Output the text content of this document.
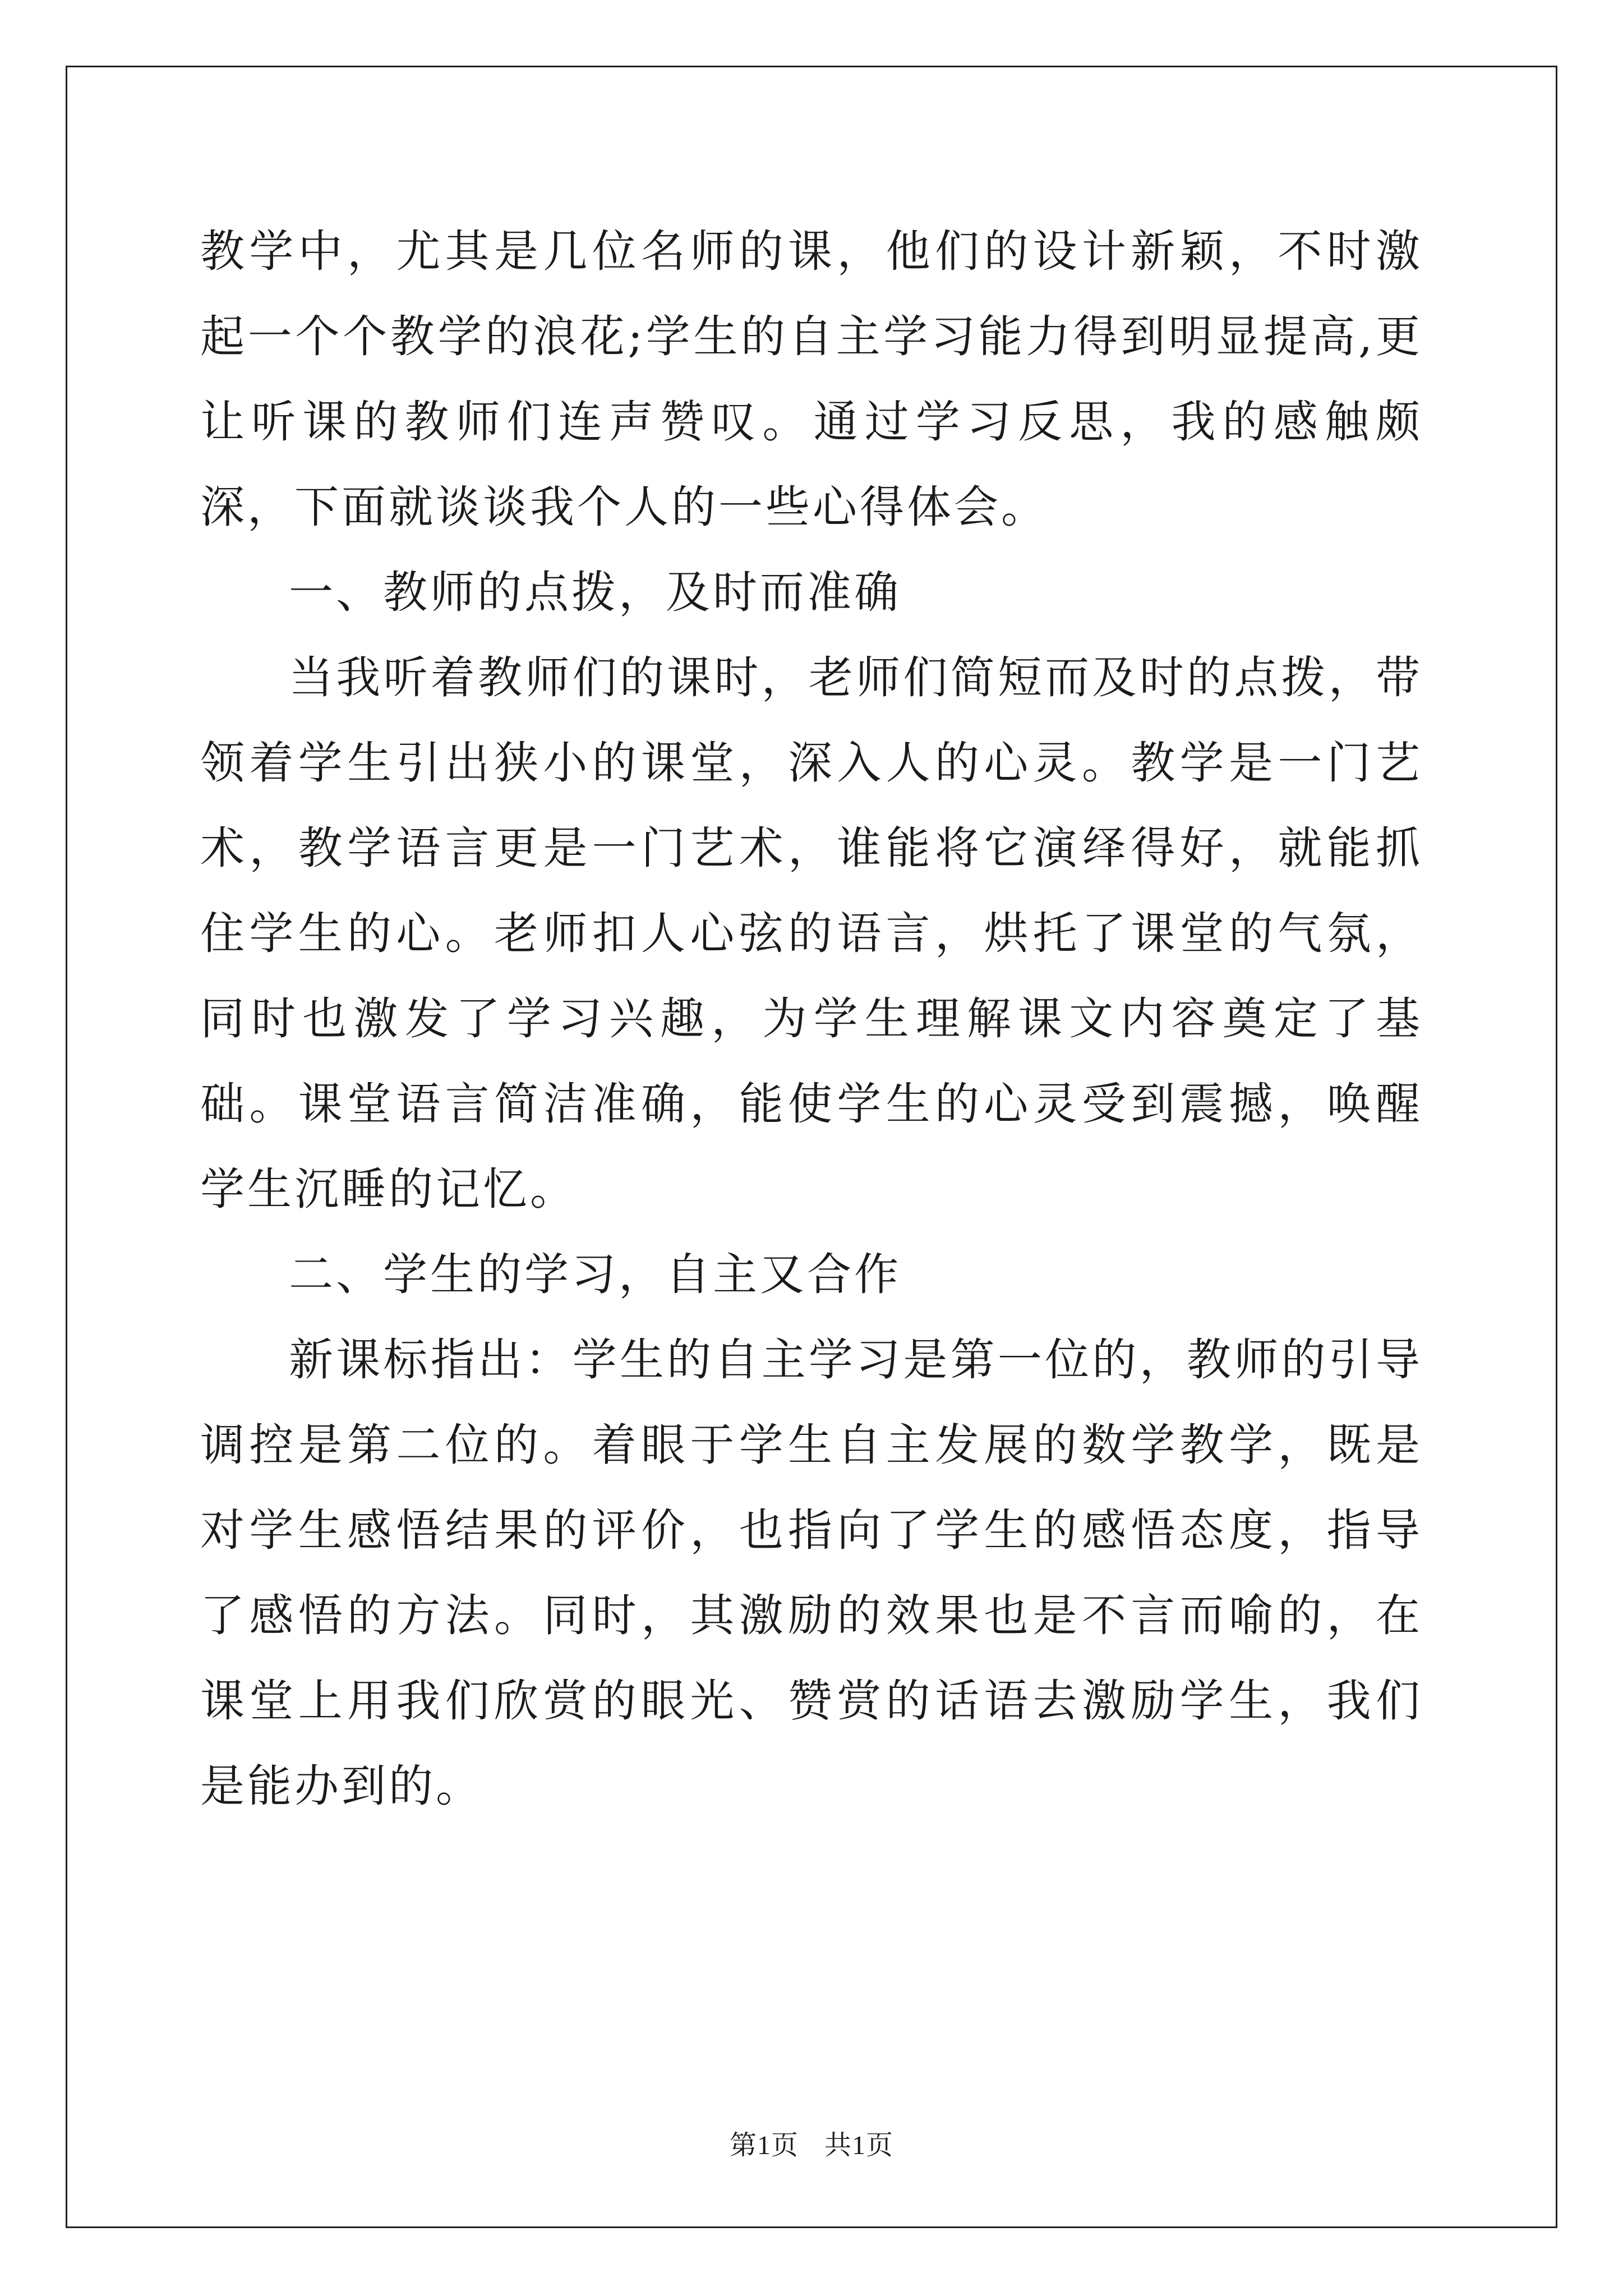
教学中，尤其是几位名师的课，他们的设计新颖，不时激起一个个教学的浪花;学生的自主学习能力得到明显提高,更让听课的教师们连声赞叹。通过学习反思，我的感触颇深，下面就谈谈我个人的一些心得体会。

一、教师的点拨，及时而准确

当我听着教师们的课时，老师们简短而及时的点拨，带领着学生引出狭小的课堂，深入人的心灵。教学是一门艺术，教学语言更是一门艺术，谁能将它演绎得好，就能抓住学生的心。老师扣人心弦的语言，烘托了课堂的气氛，同时也激发了学习兴趣，为学生理解课文内容奠定了基础。课堂语言简洁准确，能使学生的心灵受到震撼，唤醒学生沉睡的记忆。

二、学生的学习，自主又合作

新课标指出：学生的自主学习是第一位的，教师的引导调控是第二位的。着眼于学生自主发展的数学教学，既是对学生感悟结果的评价，也指向了学生的感悟态度，指导了感悟的方法。同时，其激励的效果也是不言而喻的，在课堂上用我们欣赏的眼光、赞赏的话语去激励学生，我们是能办到的。

第1页 共1页
